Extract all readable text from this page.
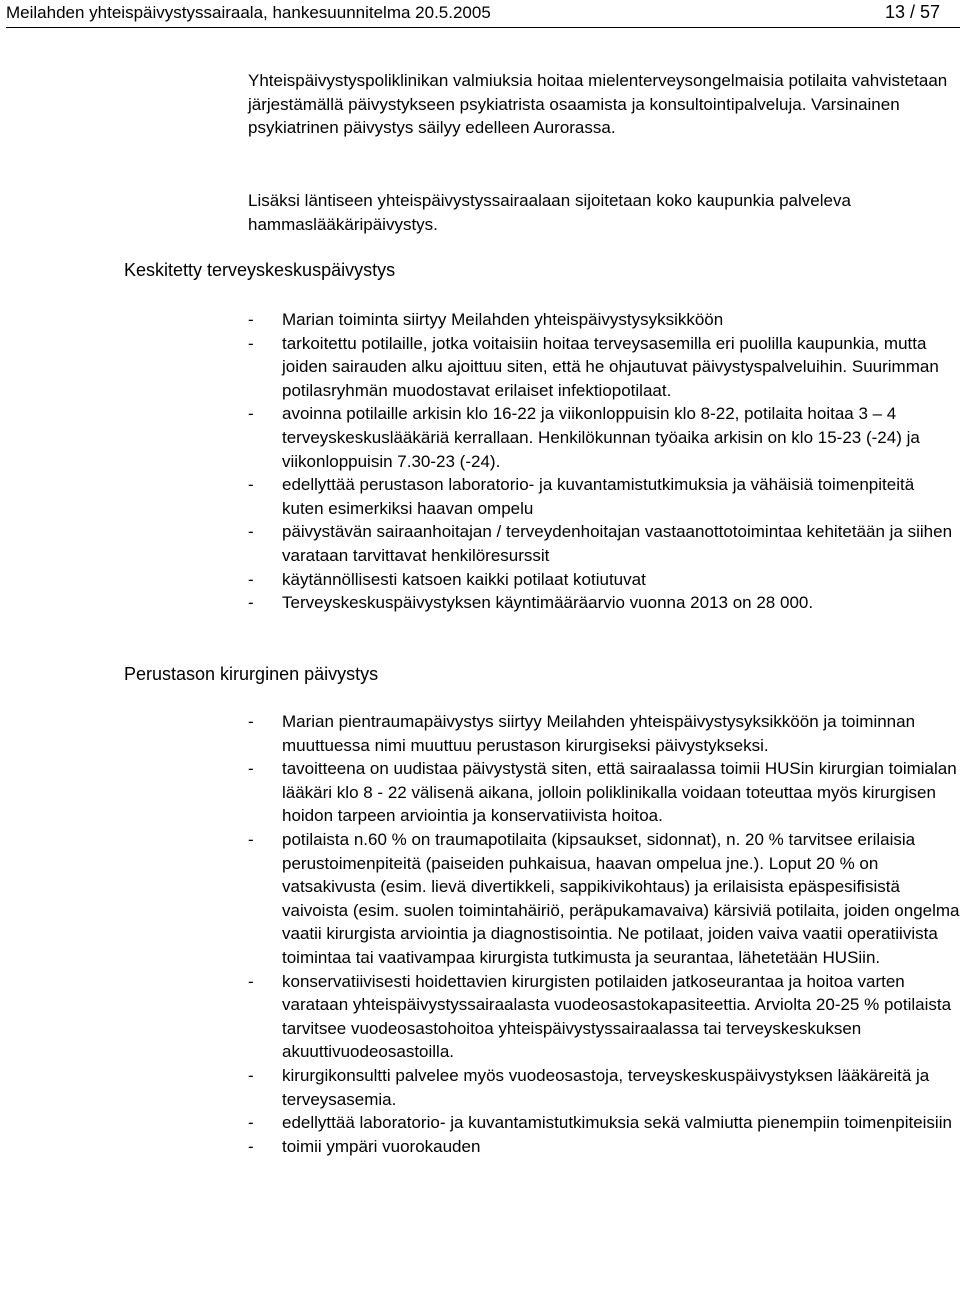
Meilahden yhteispäivystyssairaala, hankesuunnitelma 20.5.2005	13 / 57

Yhteispäivystyspoliklinikan valmiuksia hoitaa mielenterveysongelmaisia potilaita vahvistetaan järjestämällä päivystykseen psykiatrista osaamista ja konsultointipalveluja. Varsinainen psykiatrinen päivystys säilyy edelleen Aurorassa.

Lisäksi läntiseen yhteispäivystyssairaalaan sijoitetaan koko kaupunkia palveleva hammaslääkäripäivystys.

Keskitetty terveyskeskuspäivystys
- Marian toiminta siirtyy Meilahden yhteispäivystysyksikköön
- tarkoitettu potilaille, jotka voitaisiin hoitaa terveysasemilla eri puolilla kaupunkia, mutta joiden sairauden alku ajoittuu siten, että he ohjautuvat päivystyspalveluihin. Suurimman potilasryhmän muodostavat erilaiset infektiopotilaat.
- avoinna potilaille arkisin klo 16-22 ja viikonloppuisin klo 8-22, potilaita hoitaa 3 – 4 terveyskeskuslääkäriä kerrallaan. Henkilökunnan työaika arkisin on klo 15-23 (-24) ja viikonloppuisin 7.30-23 (-24).
- edellyttää perustason laboratorio- ja kuvantamistutkimuksia ja vähäisiä toimenpiteitä kuten esimerkiksi haavan ompelu
- päivystävän sairaanhoitajan / terveydenhoitajan vastaanottotoimintaa kehitetään ja siihen varataan tarvittavat henkilöresurssit
- käytännöllisesti katsoen kaikki potilaat kotiutuvat
- Terveyskeskuspäivystyksen käyntimääräarvio vuonna 2013 on 28 000.
Perustason kirurginen päivystys
- Marian pientraumapäivystys siirtyy Meilahden yhteispäivystysyksikköön ja toiminnan muuttuessa nimi muuttuu perustason kirurgiseksi päivystykseksi.
- tavoitteena on uudistaa päivystystä siten, että sairaalassa toimii HUSin kirurgian toimialan lääkäri klo 8 - 22 välisenä aikana, jolloin poliklinikalla voidaan toteuttaa myös kirurgisen hoidon tarpeen arviointia ja konservatiivista hoitoa.
- potilaista n.60 % on traumapotilaita (kipsaukset, sidonnat), n. 20 % tarvitsee erilaisia perustoimenpiteitä (paiseiden puhkaisua, haavan ompelua jne.). Loput 20 % on vatsakivusta (esim. lievä divertikkeli, sappikivikohtaus) ja erilaisista epäspesifisistä vaivoista (esim. suolen toimintahäiriö, peräpukamavaiva) kärsiviä potilaita, joiden ongelma vaatii kirurgista arviointia ja diagnostisointia. Ne potilaat, joiden vaiva vaatii operatiivista toimintaa tai vaativampaa kirurgista tutkimusta ja seurantaa, lähetetään HUSiin.
- konservatiivisesti hoidettavien kirurgisten potilaiden jatkoseurantaa ja hoitoa varten varataan yhteispäivystyssairaalasta vuodeosastokapasiteettia. Arviolta 20-25 % potilaista tarvitsee vuodeosastohoitoa yhteispäivystyssairaalassa tai terveyskeskuksen akuuttivuodeosastoilla.
- kirurgikonsultti palvelee myös vuodeosastoja, terveyskeskuspäivystyksen lääkäreitä ja terveysasemia.
- edellyttää laboratorio- ja kuvantamistutkimuksia sekä valmiutta pienempiin toimenpiteisiin
- toimii ympäri vuorokauden
